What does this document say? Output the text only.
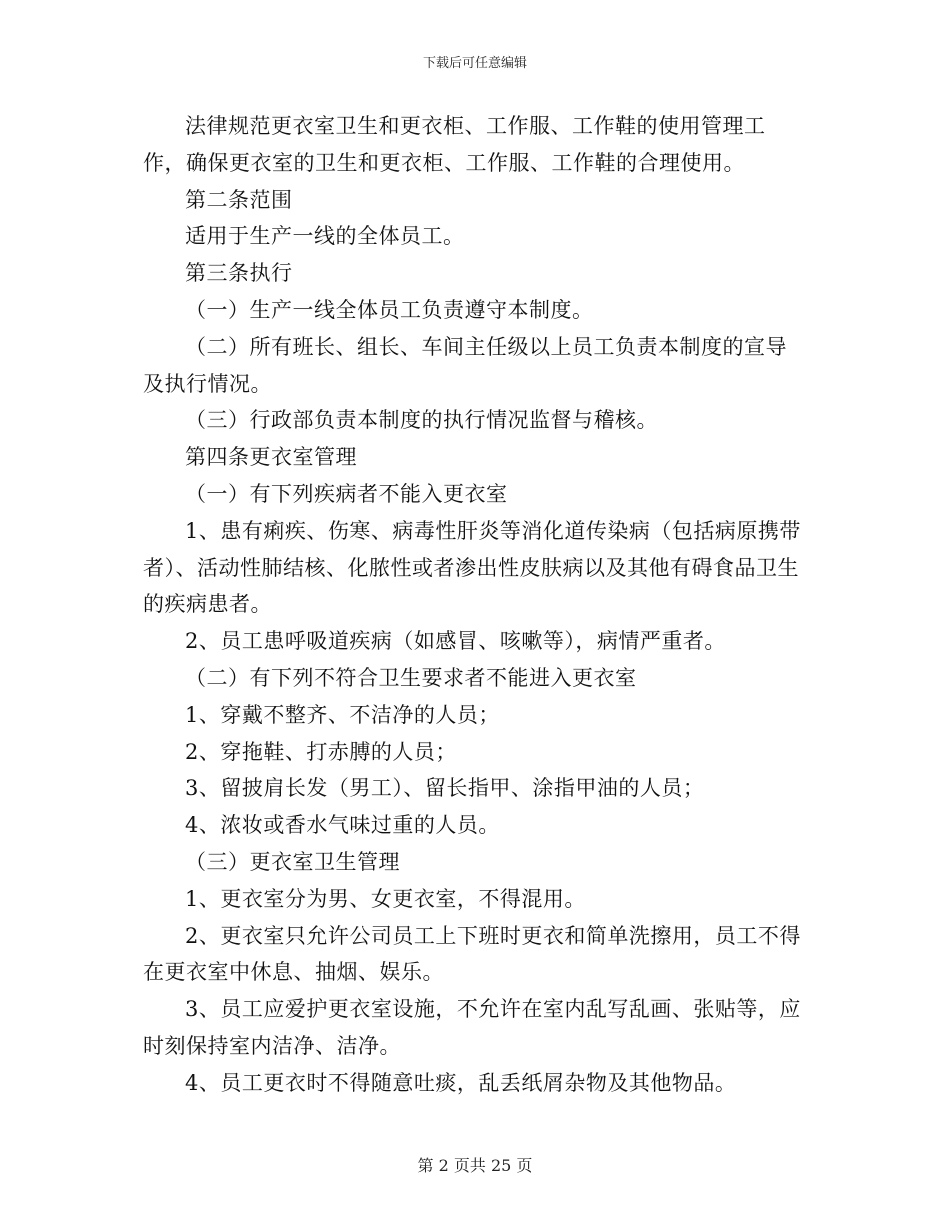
下载后可任意编辑

法律规范更衣室卫生和更衣柜、工作服、工作鞋的使用管理工作，确保更衣室的卫生和更衣柜、工作服、工作鞋的合理使用。

第二条范围

适用于生产一线的全体员工。

第三条执行

（一）生产一线全体员工负责遵守本制度。

（二）所有班长、组长、车间主任级以上员工负责本制度的宣导及执行情况。

（三）行政部负责本制度的执行情况监督与稽核。

第四条更衣室管理

（一）有下列疾病者不能入更衣室

1、患有痢疾、伤寒、病毒性肝炎等消化道传染病（包括病原携带者）、活动性肺结核、化脓性或者渗出性皮肤病以及其他有碍食品卫生的疾病患者。

2、员工患呼吸道疾病（如感冒、咳嗽等），病情严重者。

（二）有下列不符合卫生要求者不能进入更衣室

1、穿戴不整齐、不洁净的人员；

2、穿拖鞋、打赤膊的人员；

3、留披肩长发（男工）、留长指甲、涂指甲油的人员；

4、浓妆或香水气味过重的人员。

（三）更衣室卫生管理

1、更衣室分为男、女更衣室，不得混用。

2、更衣室只允许公司员工上下班时更衣和简单洗擦用，员工不得在更衣室中休息、抽烟、娱乐。

3、员工应爱护更衣室设施，不允许在室内乱写乱画、张贴等，应时刻保持室内洁净、洁净。

4、员工更衣时不得随意吐痰，乱丢纸屑杂物及其他物品。

第 2 页共 25 页
